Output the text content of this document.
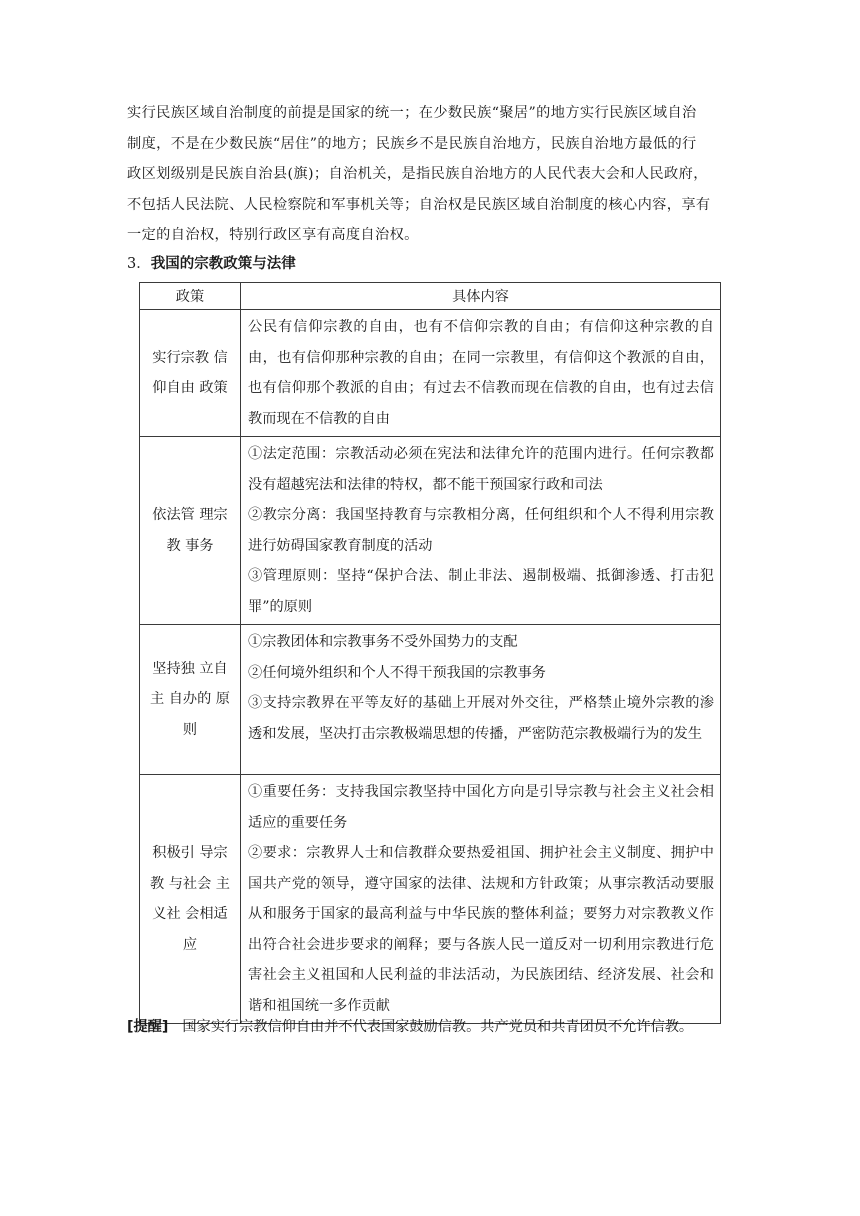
实行民族区域自治制度的前提是国家的统一；在少数民族“聚居”的地方实行民族区域自治
制度，不是在少数民族“居住”的地方；民族乡不是民族自治地方，民族自治地方最低的行
政区划级别是民族自治县(旗)；自治机关，是指民族自治地方的人民代表大会和人民政府，
不包括人民法院、人民检察院和军事机关等；自治权是民族区域自治制度的核心内容，享有
一定的自治权，特别行政区享有高度自治权。
3．我国的宗教政策与法律
政策	具体内容
实行宗教 信仰自由 政策	公民有信仰宗教的自由，也有不信仰宗教的自由；有信仰这种宗教的自由，也有信仰那种宗教的自由；在同一宗教里，有信仰这个教派的自由，也有信仰那个教派的自由；有过去不信教而现在信教的自由，也有过去信教而现在不信教的自由

依法管 理宗教 事务	①法定范围：宗教活动必须在宪法和法律允许的范围内进行。任何宗教都没有超越宪法和法律的特权，都不能干预国家行政和司法
②教宗分离：我国坚持教育与宗教相分离，任何组织和个人不得利用宗教进行妨碍国家教育制度的活动
③管理原则：坚持“保护合法、制止非法、遏制极端、抵御渗透、打击犯罪”的原则

坚持独 立自主 自办的 原则	①宗教团体和宗教事务不受外国势力的支配
②任何境外组织和个人不得干预我国的宗教事务
③支持宗教界在平等友好的基础上开展对外交往，严格禁止境外宗教的渗透和发展，坚决打击宗教极端思想的传播，严密防范宗教极端行为的发生

积极引 导宗教 与社会 主义社 会相适 应	①重要任务：支持我国宗教坚持中国化方向是引导宗教与社会主义社会相适应的重要任务
②要求：宗教界人士和信教群众要热爱祖国、拥护社会主义制度、拥护中国共产党的领导，遵守国家的法律、法规和方针政策；从事宗教活动要服从和服务于国家的最高利益与中华民族的整体利益；要努力对宗教教义作出符合社会进步要求的阐释；要与各族人民一道反对一切利用宗教进行危害社会主义祖国和人民利益的非法活动，为民族团结、经济发展、社会和谐和祖国统一多作贡献

[提醒] 国家实行宗教信仰自由并不代表国家鼓励信教。共产党员和共青团员不允许信教。
